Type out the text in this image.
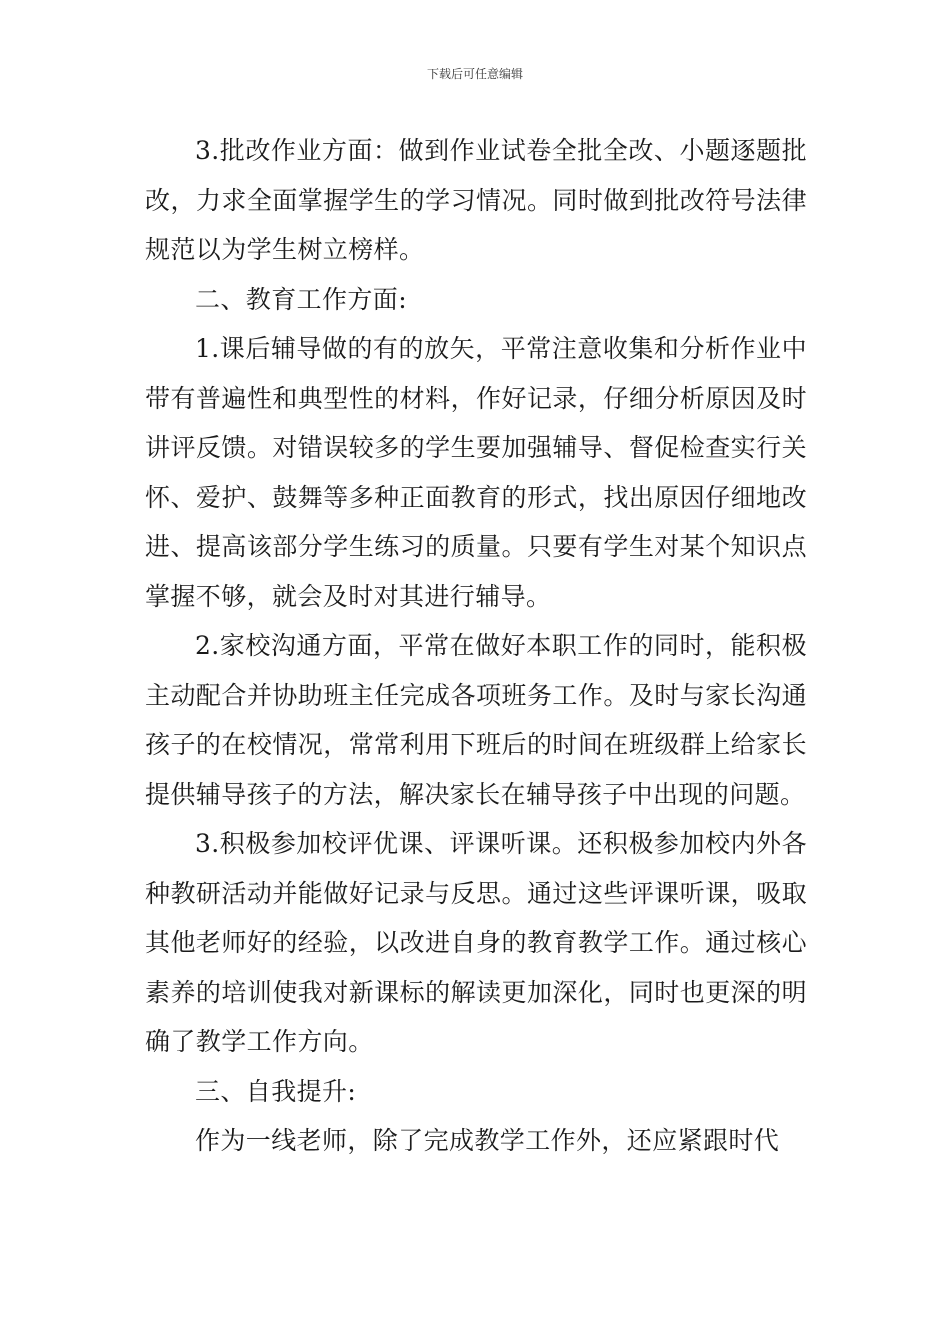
下载后可任意编辑

3.批改作业方面：做到作业试卷全批全改、小题逐题批改，力求全面掌握学生的学习情况。同时做到批改符号法律规范以为学生树立榜样。

二、教育工作方面:

1.课后辅导做的有的放矢，平常注意收集和分析作业中带有普遍性和典型性的材料，作好记录，仔细分析原因及时讲评反馈。对错误较多的学生要加强辅导、督促检查实行关怀、爱护、鼓舞等多种正面教育的形式，找出原因仔细地改进、提高该部分学生练习的质量。只要有学生对某个知识点掌握不够，就会及时对其进行辅导。

2.家校沟通方面，平常在做好本职工作的同时，能积极主动配合并协助班主任完成各项班务工作。及时与家长沟通孩子的在校情况，常常利用下班后的时间在班级群上给家长提供辅导孩子的方法，解决家长在辅导孩子中出现的问题。

3.积极参加校评优课、评课听课。还积极参加校内外各种教研活动并能做好记录与反思。通过这些评课听课，吸取其他老师好的经验，以改进自身的教育教学工作。通过核心素养的培训使我对新课标的解读更加深化，同时也更深的明确了教学工作方向。

三、自我提升:

作为一线老师，除了完成教学工作外，还应紧跟时代
